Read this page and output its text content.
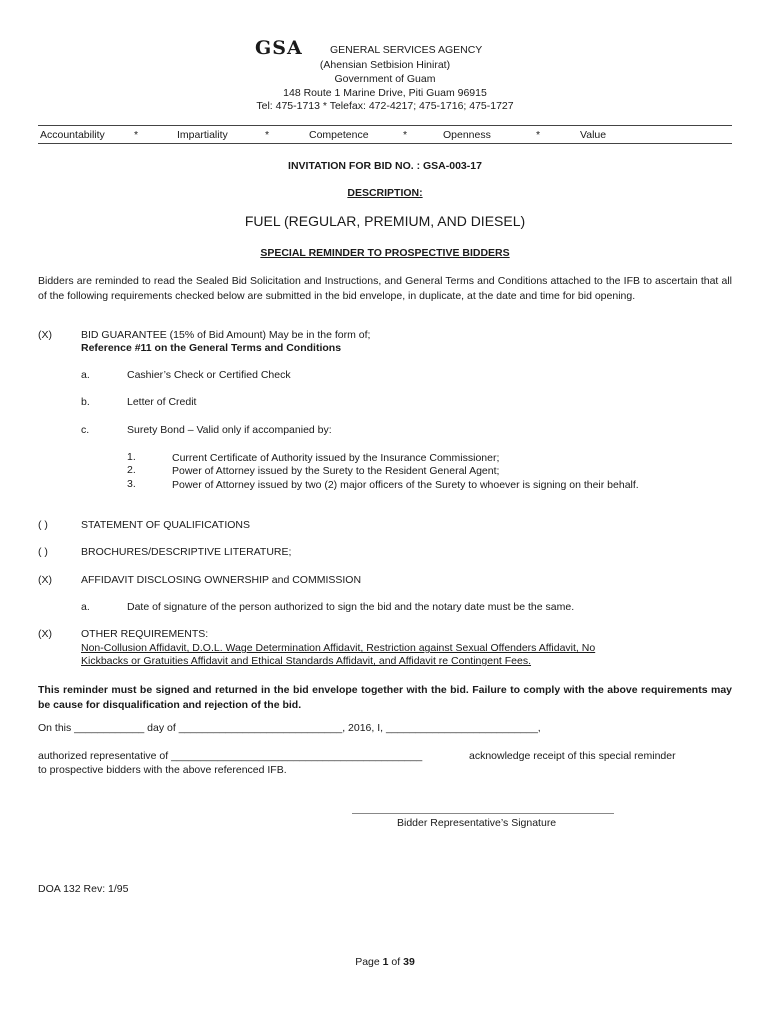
GSA	GENERAL SERVICES AGENCY
(Ahensian Setbision Hinirat)
Government of Guam
148 Route 1 Marine Drive, Piti Guam 96915
Tel: 475-1713 * Telefax: 472-4217; 475-1716; 475-1727
Accountability	*	Impartiality	*	Competence	*	Openness	*	Value
INVITATION FOR BID NO. : GSA-003-17
DESCRIPTION:
FUEL (REGULAR, PREMIUM, AND DIESEL)
SPECIAL REMINDER TO PROSPECTIVE BIDDERS
Bidders are reminded to read the Sealed Bid Solicitation and Instructions, and General Terms and Conditions attached to the IFB to ascertain that all of the following requirements checked below are submitted in the bid envelope, in duplicate, at the date and time for bid opening.
(X)	BID GUARANTEE (15% of Bid Amount) May be in the form of;
Reference #11 on the General Terms and Conditions
a.	Cashier’s Check or Certified Check
b.	Letter of Credit
c.	Surety Bond – Valid only if accompanied by:
1.	Current Certificate of Authority issued by the Insurance Commissioner;
2.	Power of Attorney issued by the Surety to the Resident General Agent;
3.	Power of Attorney issued by two (2) major officers of the Surety to whoever is signing on their behalf.
( )	STATEMENT OF QUALIFICATIONS
( )	BROCHURES/DESCRIPTIVE LITERATURE;
(X)	AFFIDAVIT DISCLOSING OWNERSHIP and COMMISSION
a.	Date of signature of the person authorized to sign the bid and the notary date must be the same.
(X)	OTHER REQUIREMENTS:
Non-Collusion Affidavit, D.O.L. Wage Determination Affidavit, Restriction against Sexual Offenders Affidavit, No
Kickbacks or Gratuities Affidavit and Ethical Standards Affidavit, and Affidavit re Contingent Fees.
This reminder must be signed and returned in the bid envelope together with the bid. Failure to comply with the above requirements may be cause for disqualification and rejection of the bid.
On this ____________ day of ____________________________, 2016, I, __________________________,
authorized representative of ___________________________________________	acknowledge receipt of this special reminder
to prospective bidders with the above referenced IFB.
Bidder Representative’s Signature
DOA 132 Rev: 1/95
Page 1 of 39
